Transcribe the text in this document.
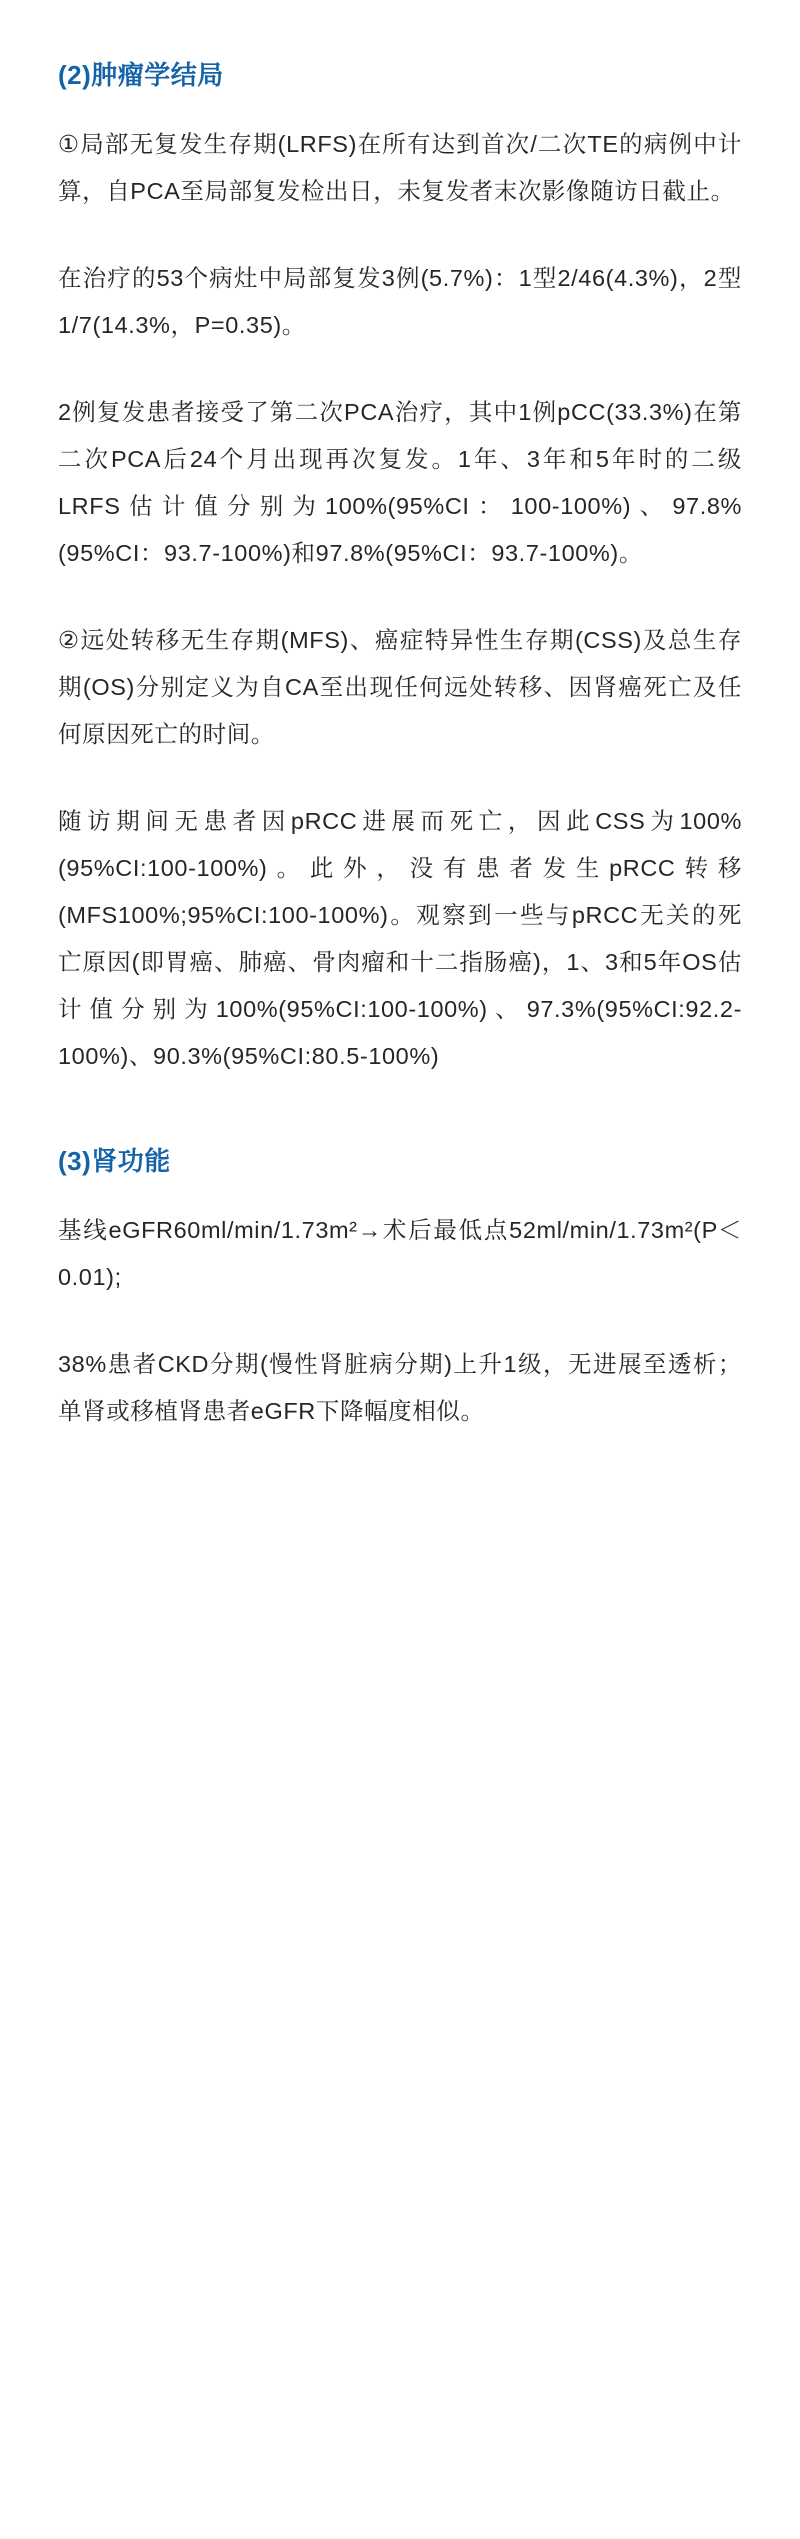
(2)肿瘤学结局

①局部无复发生存期(LRFS)在所有达到首次/二次TE的病例中计算，自PCA至局部复发检出日，未复发者末次影像随访日截止。

在治疗的53个病灶中局部复发3例(5.7%)：1型2/46(4.3%)，2型1/7(14.3%，P=0.35)。

2例复发患者接受了第二次PCA治疗，其中1例pCC(33.3%)在第二次PCA后24个月出现再次复发。1年、3年和5年时的二级LRFS估计值分别为100%(95%CI：100-100%)、97.8%(95%CI：93.7-100%)和97.8%(95%CI：93.7-100%)。

②远处转移无生存期(MFS)、癌症特异性生存期(CSS)及总生存期(OS)分别定义为自CA至出现任何远处转移、因肾癌死亡及任何原因死亡的时间。

随访期间无患者因pRCC进展而死亡，因此CSS为100%(95%CI:100-100%)。此外，没有患者发生pRCC转移(MFS100%;95%CI:100-100%)。观察到一些与pRCC无关的死亡原因(即胃癌、肺癌、骨肉瘤和十二指肠癌)，1、3和5年OS估计值分别为100%(95%CI:100-100%)、97.3%(95%CI:92.2-100%)、90.3%(95%CI:80.5-100%)

(3)肾功能

基线eGFR60ml/min/1.73m²→术后最低点52ml/min/1.73m²(P＜0.01);

38%患者CKD分期(慢性肾脏病分期)上升1级，无进展至透析；单肾或移植肾患者eGFR下降幅度相似。
